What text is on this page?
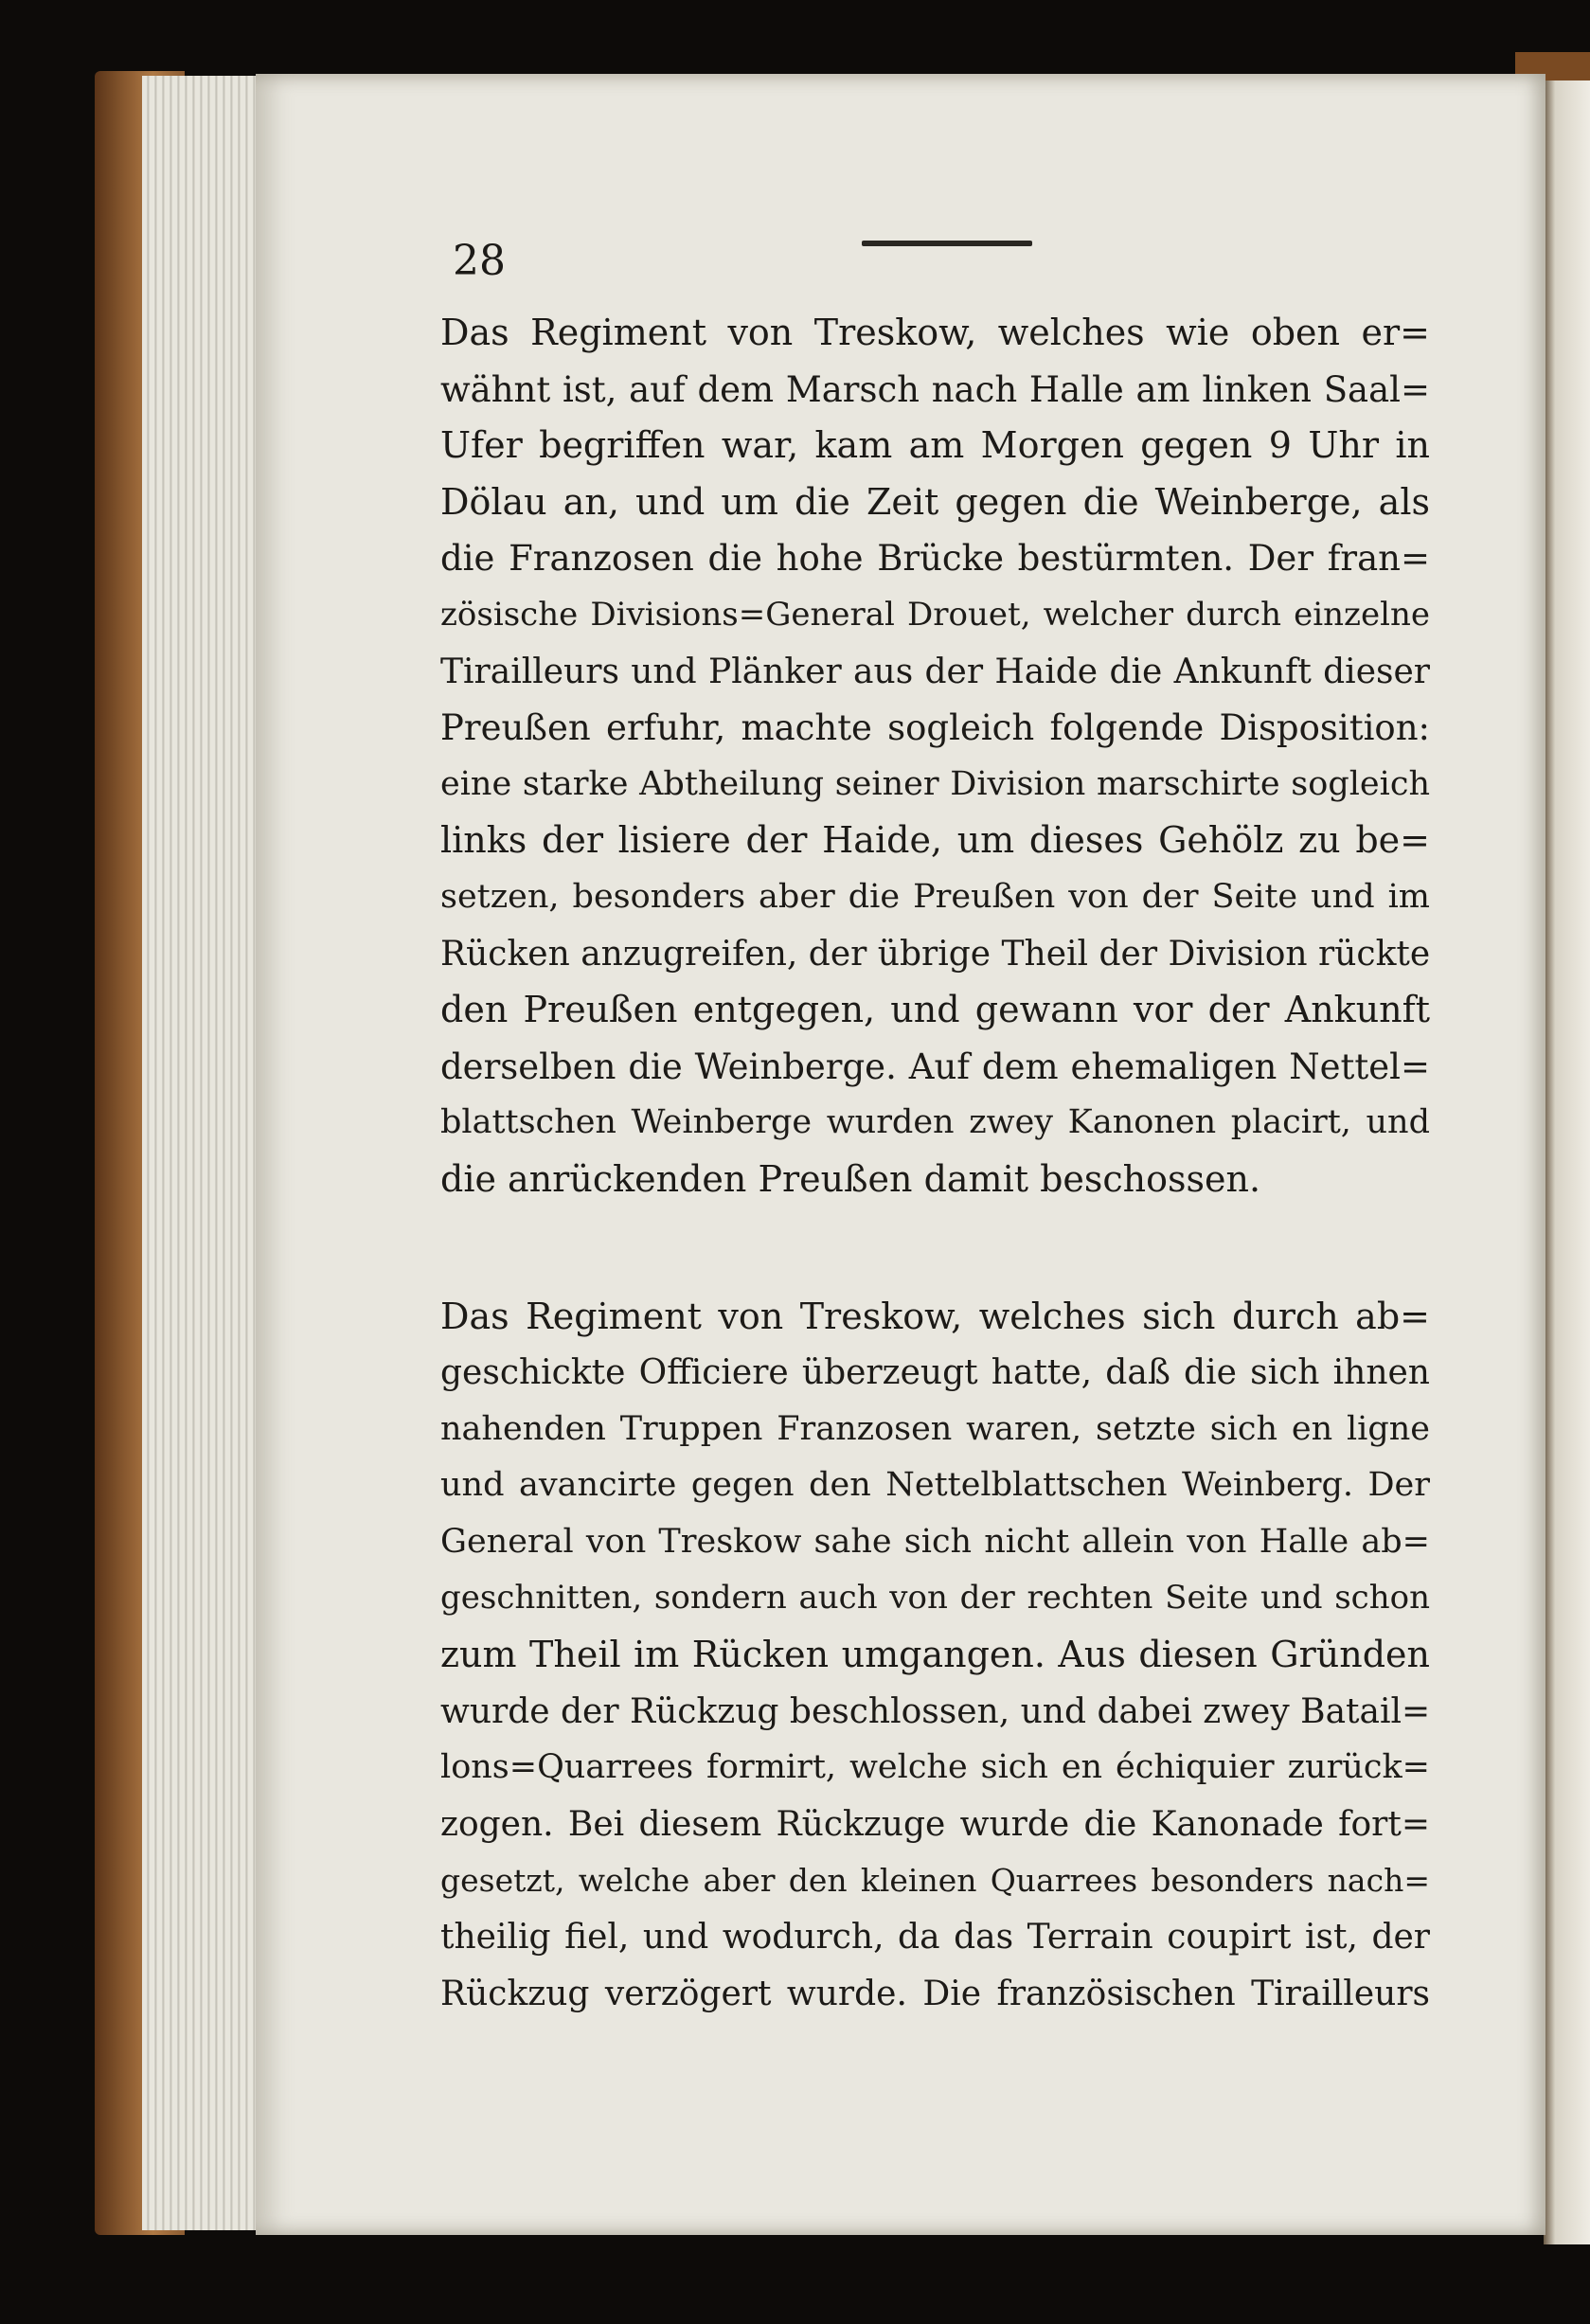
28

Das Regiment von Treskow, welches wie oben er=
wähnt ist, auf dem Marsch nach Halle am linken Saal=
Ufer begriffen war, kam am Morgen gegen 9 Uhr in
Dölau an, und um die Zeit gegen die Weinberge, als
die Franzosen die hohe Brücke bestürmten. Der fran=
zösische Divisions=General Drouet, welcher durch einzelne
Tirailleurs und Plänker aus der Haide die Ankunft dieser
Preußen erfuhr, machte sogleich folgende Disposition:
eine starke Abtheilung seiner Division marschirte sogleich
links der lisiere der Haide, um dieses Gehölz zu be=
setzen, besonders aber die Preußen von der Seite und im
Rücken anzugreifen, der übrige Theil der Division rückte
den Preußen entgegen, und gewann vor der Ankunft
derselben die Weinberge. Auf dem ehemaligen Nettel=
blattschen Weinberge wurden zwey Kanonen placirt, und
die anrückenden Preußen damit beschossen.
Das Regiment von Treskow, welches sich durch ab=
geschickte Officiere überzeugt hatte, daß die sich ihnen
nahenden Truppen Franzosen waren, setzte sich en ligne
und avancirte gegen den Nettelblattschen Weinberg. Der
General von Treskow sahe sich nicht allein von Halle ab=
geschnitten, sondern auch von der rechten Seite und schon
zum Theil im Rücken umgangen. Aus diesen Gründen
wurde der Rückzug beschlossen, und dabei zwey Batail=
lons=Quarrees formirt, welche sich en échiquier zurück=
zogen. Bei diesem Rückzuge wurde die Kanonade fort=
gesetzt, welche aber den kleinen Quarrees besonders nach=
theilig fiel, und wodurch, da das Terrain coupirt ist, der
Rückzug verzögert wurde. Die französischen Tirailleurs
